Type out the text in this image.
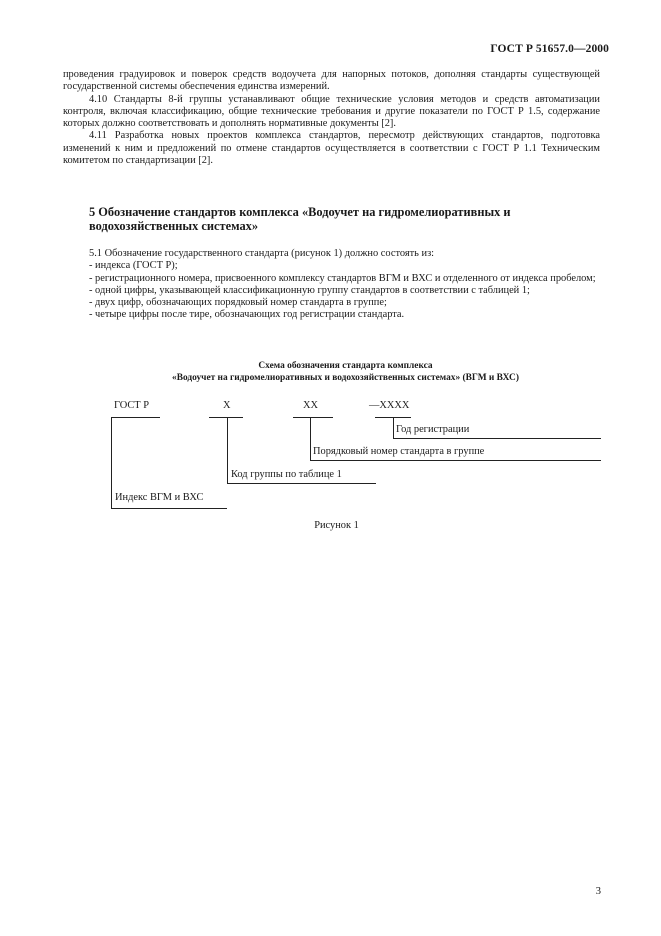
ГОСТ Р 51657.0—2000

проведения градуировок и поверок средств водоучета для напорных потоков, дополняя стандарты существующей государственной системы обеспечения единства измерений.

4.10 Стандарты 8-й группы устанавливают общие технические условия методов и средств автоматизации контроля, включая классификацию, общие технические требования и другие показатели по ГОСТ Р 1.5, содержание которых должно соответствовать и дополнять нормативные документы [2].

4.11 Разработка новых проектов комплекса стандартов, пересмотр действующих стандартов, подготовка изменений к ним и предложений по отмене стандартов осуществляется в соответствии с ГОСТ Р 1.1 Техническим комитетом по стандартизации [2].

5 Обозначение стандартов комплекса «Водоучет на гидромелиоративных и водохозяйственных системах»

5.1 Обозначение государственного стандарта (рисунок 1) должно состоять из:

- индекса (ГОСТ Р);

- регистрационного номера, присвоенного комплексу стандартов ВГМ и ВХС и отделенного от индекса пробелом;

- одной цифры, указывающей классификационную группу стандартов в соответствии с таблицей 1;

- двух цифр, обозначающих порядковый номер стандарта в группе;

- четыре цифры после тире, обозначающих год регистрации стандарта.

Схема обозначения стандарта комплекса
«Водоучет на гидромелиоративных и водохозяйственных системах» (ВГМ и ВХС)
ГОСТ Р	Х	ХХ	—ХХХХ
Год регистрации
Порядковый номер стандарта в группе
Код группы по таблице 1
Индекс ВГМ и ВХС
Рисунок 1
3
